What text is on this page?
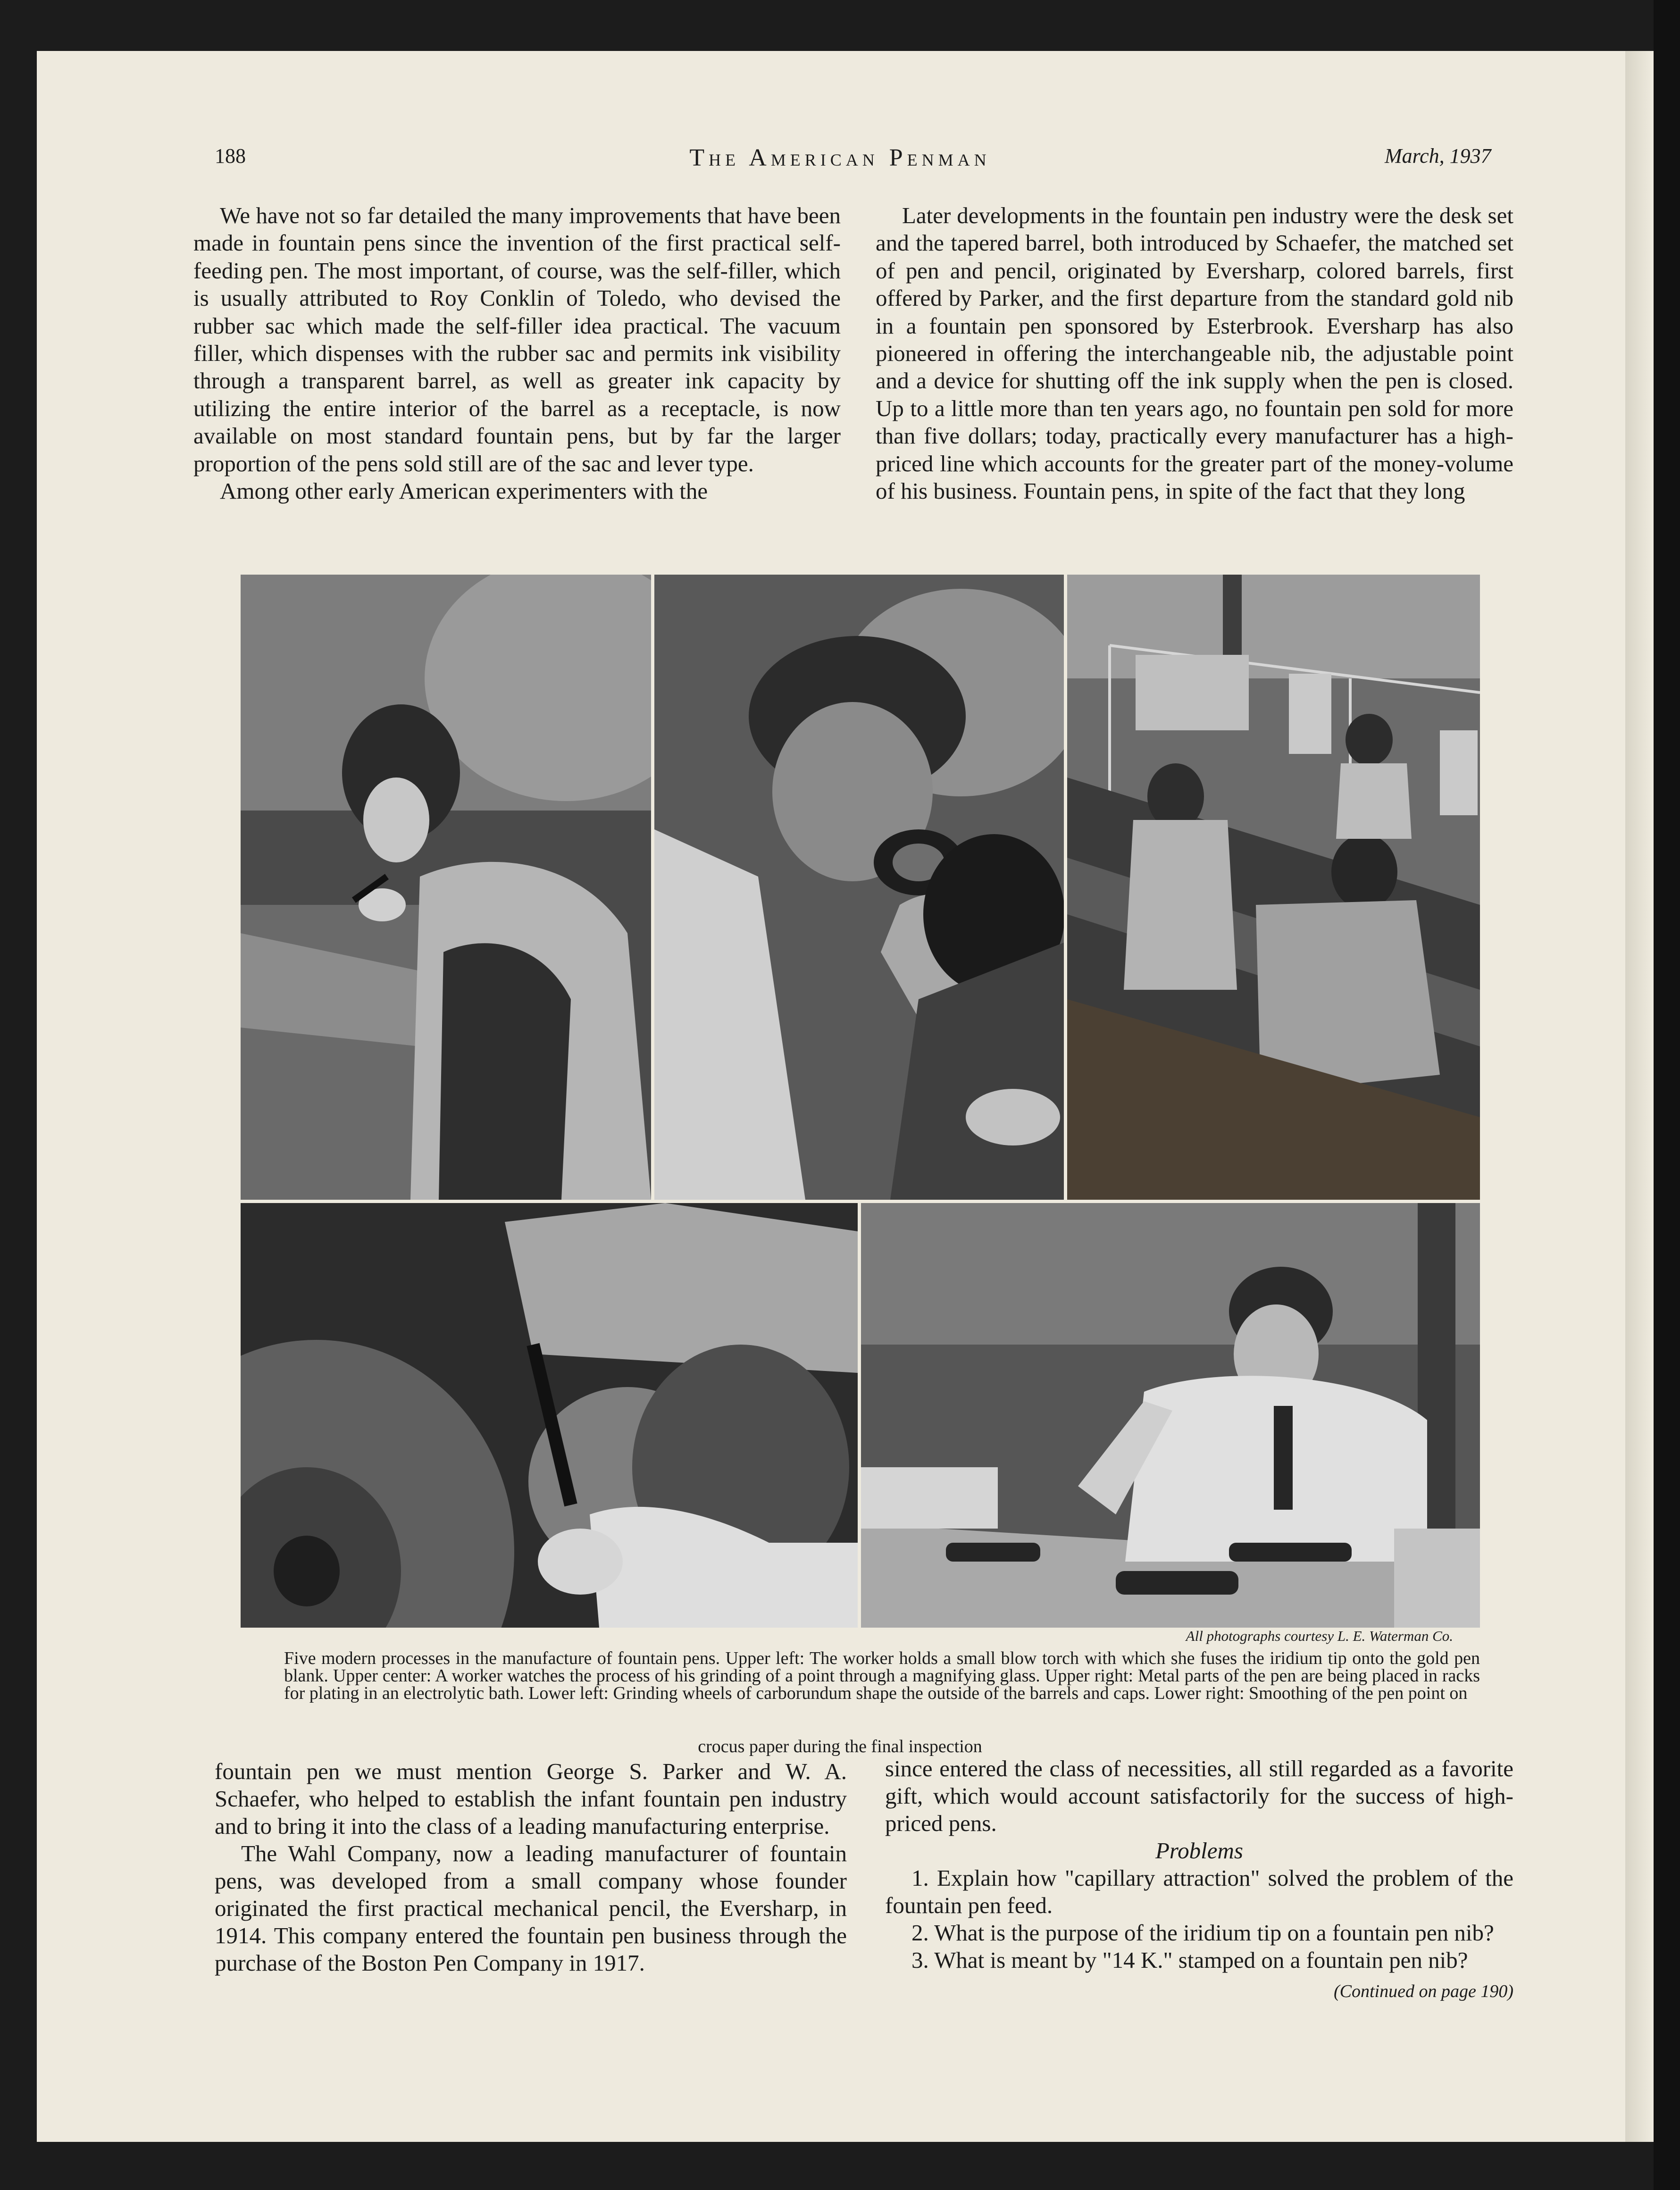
188	The American Penman	March, 1937

We have not so far detailed the many improvements that have been made in fountain pens since the invention of the first practical self-feeding pen. The most important, of course, was the self-filler, which is usually attributed to Roy Conklin of Toledo, who devised the rubber sac which made the self-filler idea practical. The vacuum filler, which dispenses with the rubber sac and permits ink visibility through a transparent barrel, as well as greater ink capacity by utilizing the entire interior of the barrel as a receptacle, is now available on most standard fountain pens, but by far the larger proportion of the pens sold still are of the sac and lever type.

Among other early American experimenters with the

Later developments in the fountain pen industry were the desk set and the tapered barrel, both introduced by Schaefer, the matched set of pen and pencil, originated by Eversharp, colored barrels, first offered by Parker, and the first departure from the standard gold nib in a fountain pen sponsored by Esterbrook. Eversharp has also pioneered in offering the interchangeable nib, the adjustable point and a device for shutting off the ink supply when the pen is closed. Up to a little more than ten years ago, no fountain pen sold for more than five dollars; today, practically every manufacturer has a high-priced line which accounts for the greater part of the money-volume of his business. Fountain pens, in spite of the fact that they long

All photographs courtesy L. E. Waterman Co.
Five modern processes in the manufacture of fountain pens. Upper left: The worker holds a small blow torch with which she fuses the iridium tip onto the gold pen blank. Upper center: A worker watches the process of his grinding of a point through a magnifying glass. Upper right: Metal parts of the pen are being placed in racks for plating in an electrolytic bath. Lower left: Grinding wheels of carborundum shape the outside of the barrels and caps. Lower right: Smoothing of the pen point on
crocus paper during the final inspection

fountain pen we must mention George S. Parker and W. A. Schaefer, who helped to establish the infant fountain pen industry and to bring it into the class of a leading manufacturing enterprise.

The Wahl Company, now a leading manufacturer of fountain pens, was developed from a small company whose founder originated the first practical mechanical pencil, the Eversharp, in 1914. This company entered the fountain pen business through the purchase of the Boston Pen Company in 1917.

since entered the class of necessities, all still regarded as a favorite gift, which would account satisfactorily for the success of high-priced pens.

Problems

1. Explain how "capillary attraction" solved the problem of the fountain pen feed.

2. What is the purpose of the iridium tip on a fountain pen nib?

3. What is meant by "14 K." stamped on a fountain pen nib?
(Continued on page 190)
